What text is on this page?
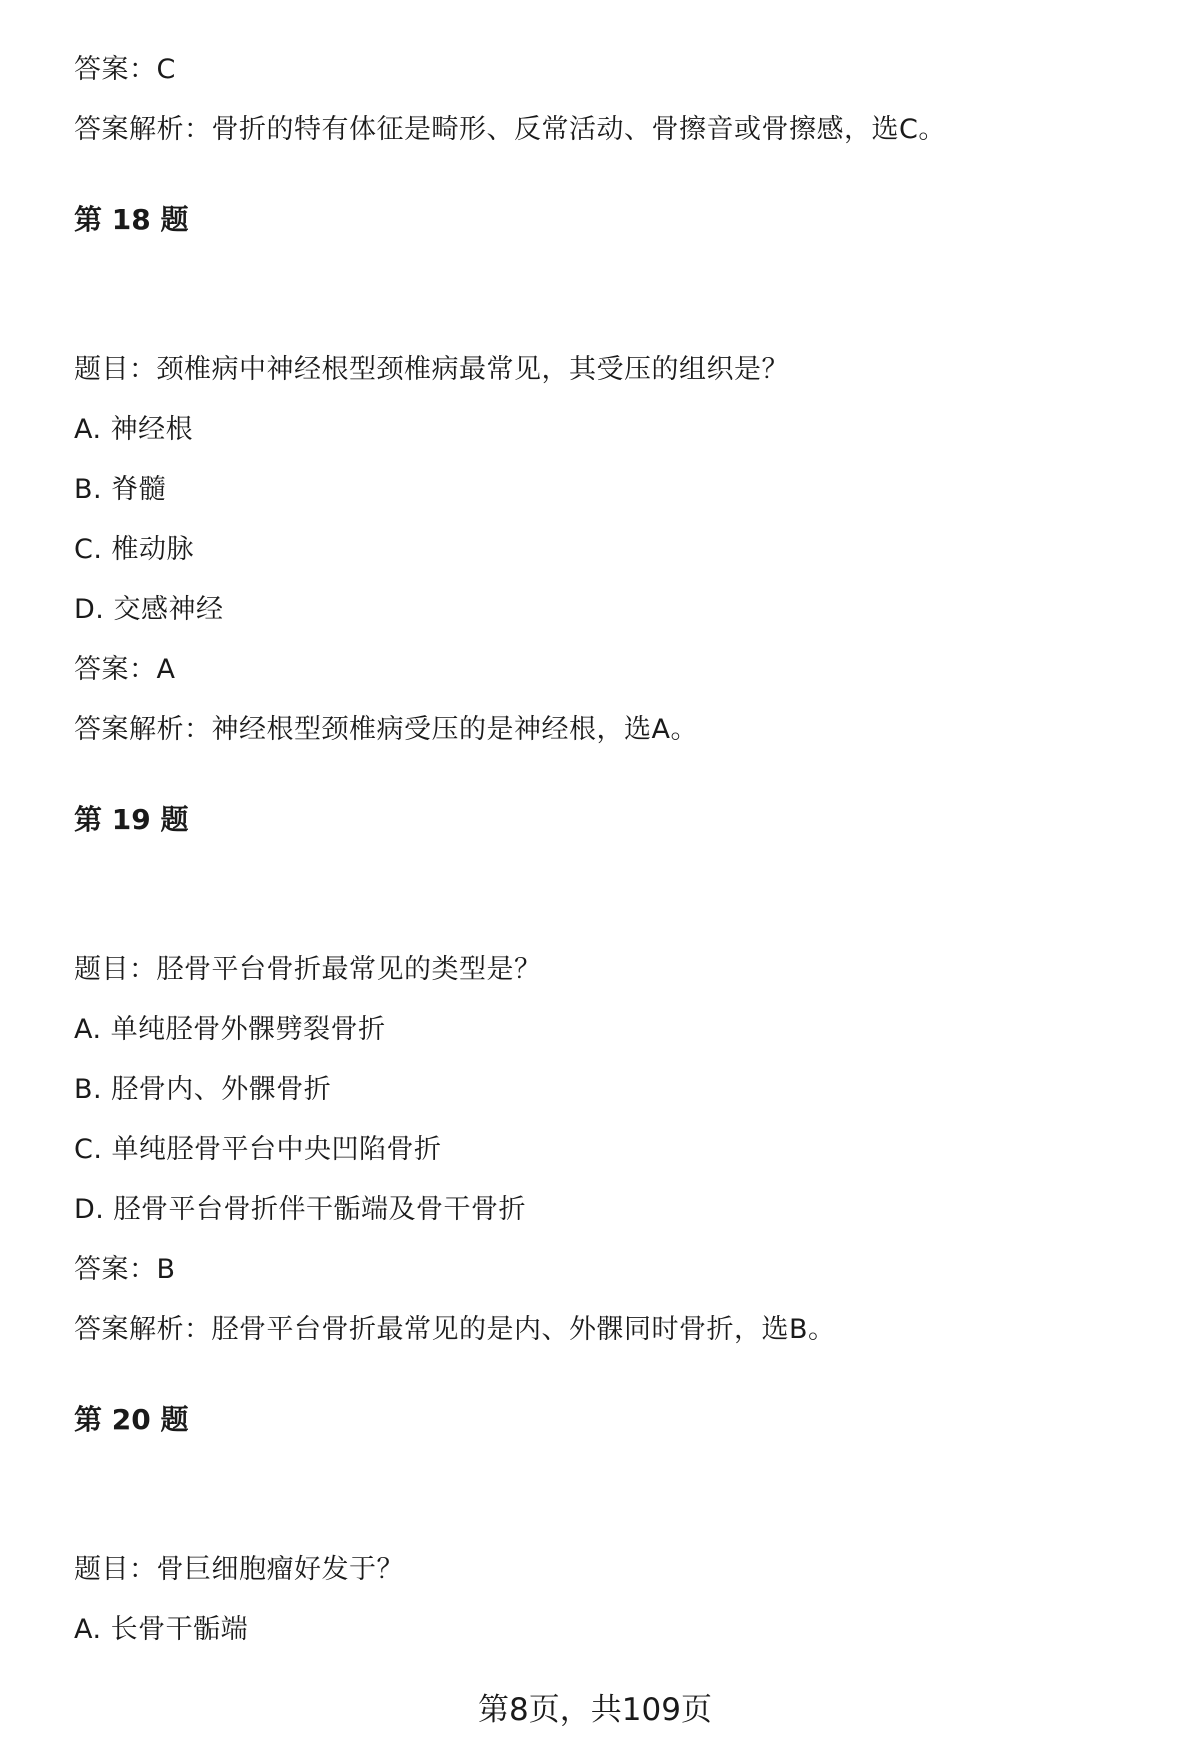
答案：C
答案解析：骨折的特有体征是畸形、反常活动、骨擦音或骨擦感，选C。
第 18 题
题目：颈椎病中神经根型颈椎病最常见，其受压的组织是？
A. 神经根
B. 脊髓
C. 椎动脉
D. 交感神经
答案：A
答案解析：神经根型颈椎病受压的是神经根，选A。
第 19 题
题目：胫骨平台骨折最常见的类型是？
A. 单纯胫骨外髁劈裂骨折
B. 胫骨内、外髁骨折
C. 单纯胫骨平台中央凹陷骨折
D. 胫骨平台骨折伴干骺端及骨干骨折
答案：B
答案解析：胫骨平台骨折最常见的是内、外髁同时骨折，选B。
第 20 题
题目：骨巨细胞瘤好发于？
A. 长骨干骺端
第8页，共109页
